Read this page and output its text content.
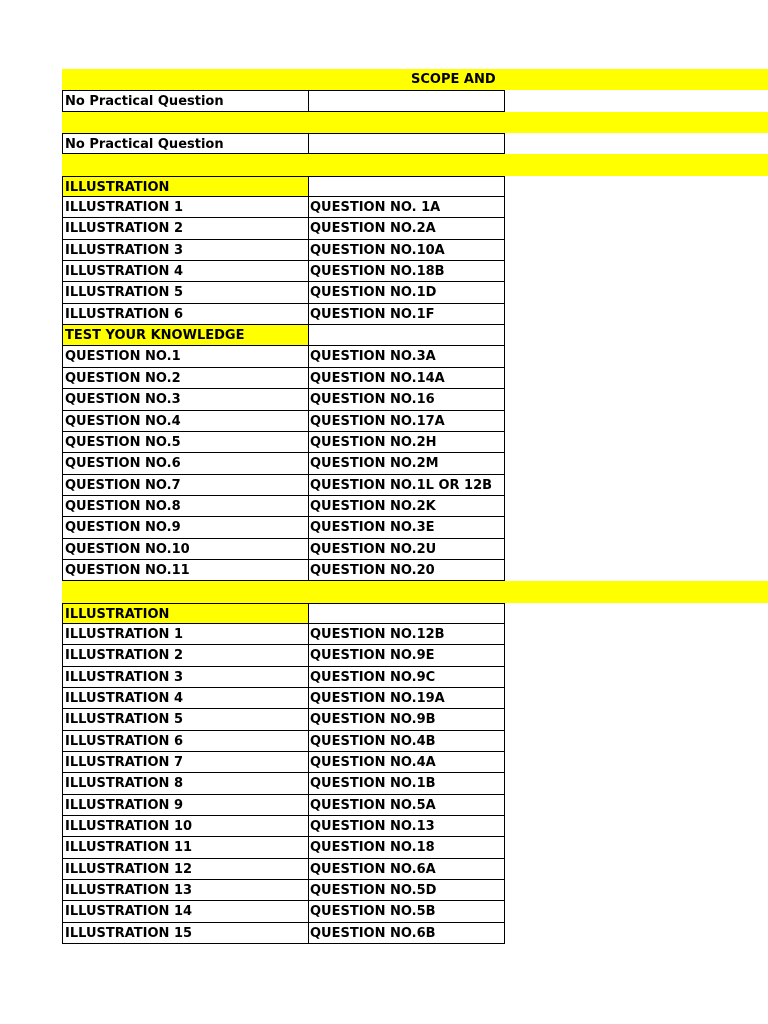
SCOPE AND
No Practical Question
No Practical Question
ILLUSTRATION
ILLUSTRATION 1	QUESTION NO. 1A
ILLUSTRATION 2	QUESTION NO.2A
ILLUSTRATION 3	QUESTION NO.10A
ILLUSTRATION 4	QUESTION NO.18B
ILLUSTRATION 5	QUESTION NO.1D
ILLUSTRATION 6	QUESTION NO.1F
TEST YOUR KNOWLEDGE
QUESTION NO.1	QUESTION NO.3A
QUESTION NO.2	QUESTION NO.14A
QUESTION NO.3	QUESTION NO.16
QUESTION NO.4	QUESTION NO.17A
QUESTION NO.5	QUESTION NO.2H
QUESTION NO.6	QUESTION NO.2M
QUESTION NO.7	QUESTION NO.1L OR 12B
QUESTION NO.8	QUESTION NO.2K
QUESTION NO.9	QUESTION NO.3E
QUESTION NO.10	QUESTION NO.2U
QUESTION NO.11	QUESTION NO.20
ILLUSTRATION
ILLUSTRATION 1	QUESTION NO.12B
ILLUSTRATION 2	QUESTION NO.9E
ILLUSTRATION 3	QUESTION NO.9C
ILLUSTRATION 4	QUESTION NO.19A
ILLUSTRATION 5	QUESTION NO.9B
ILLUSTRATION 6	QUESTION NO.4B
ILLUSTRATION 7	QUESTION NO.4A
ILLUSTRATION 8	QUESTION NO.1B
ILLUSTRATION 9	QUESTION NO.5A
ILLUSTRATION 10	QUESTION NO.13
ILLUSTRATION 11	QUESTION NO.18
ILLUSTRATION 12	QUESTION NO.6A
ILLUSTRATION 13	QUESTION NO.5D
ILLUSTRATION 14	QUESTION NO.5B
ILLUSTRATION 15	QUESTION NO.6B
